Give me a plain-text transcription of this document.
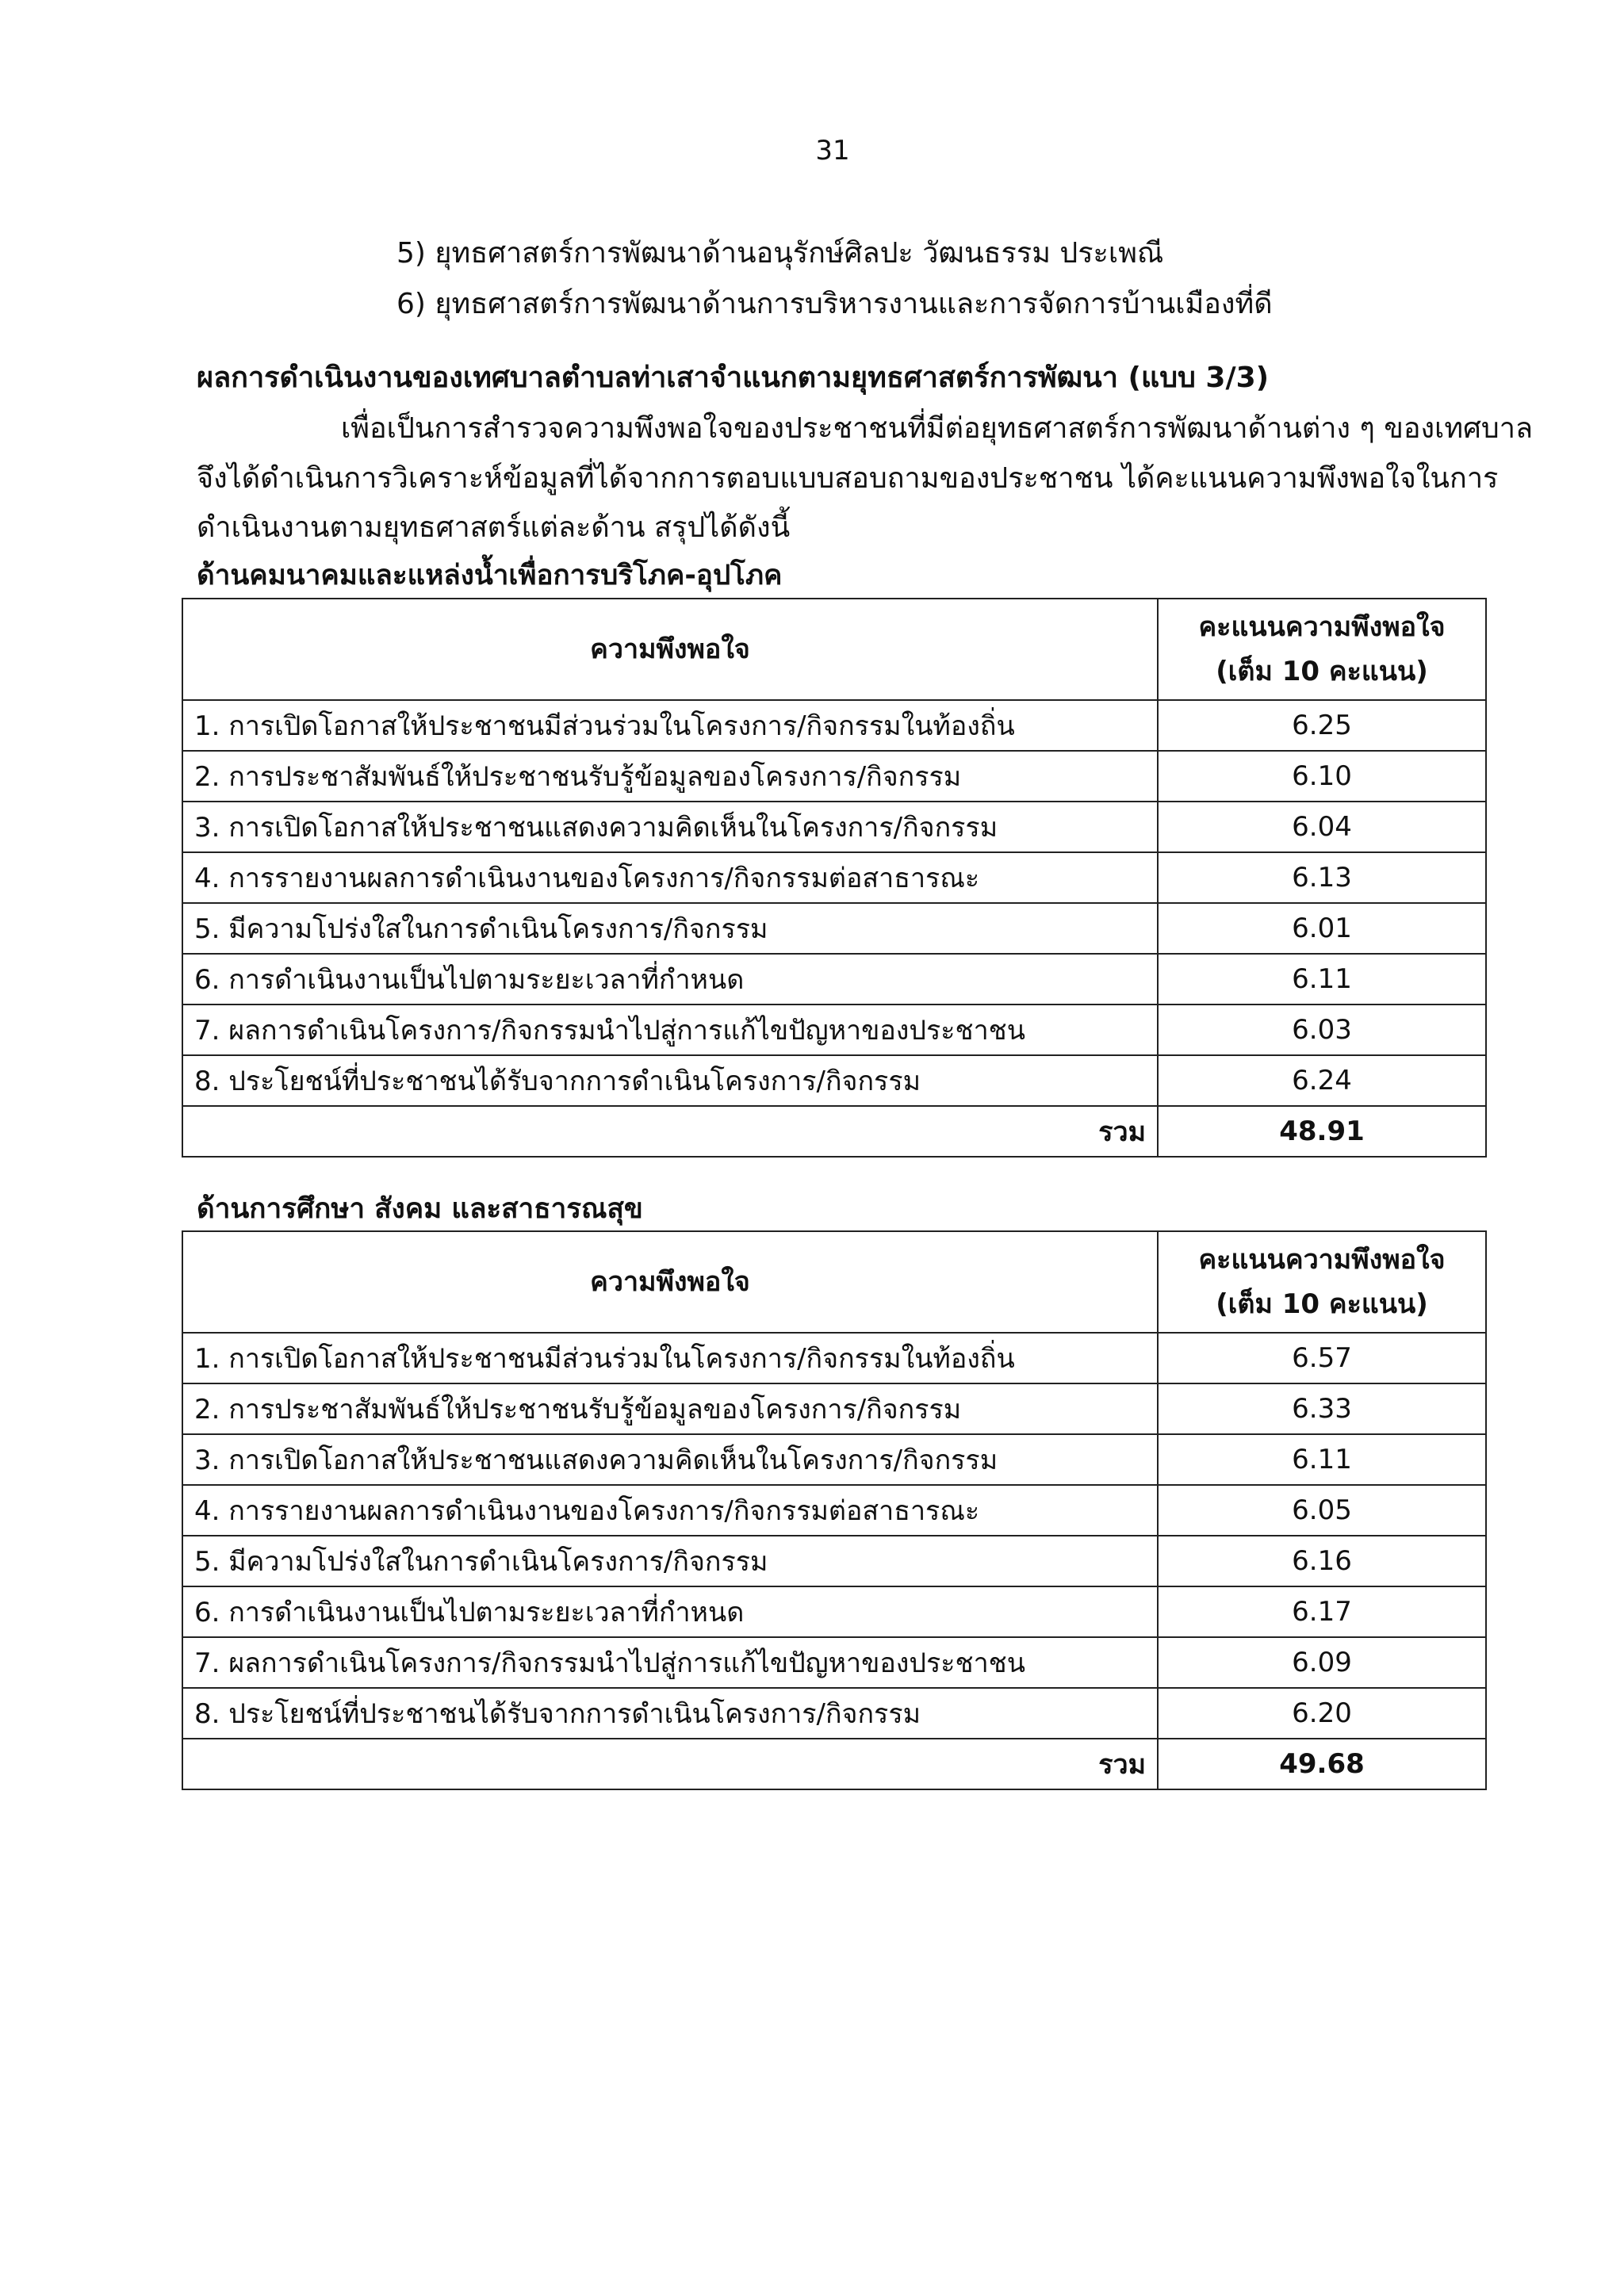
31
5) ยุทธศาสตร์การพัฒนาด้านอนุรักษ์ศิลปะ วัฒนธรรม ประเพณี
6) ยุทธศาสตร์การพัฒนาด้านการบริหารงานและการจัดการบ้านเมืองที่ดี
ผลการดำเนินงานของเทศบาลตำบลท่าเสาจำแนกตามยุทธศาสตร์การพัฒนา (แบบ 3/3)
เพื่อเป็นการสำรวจความพึงพอใจของประชาชนที่มีต่อยุทธศาสตร์การพัฒนาด้านต่าง ๆ ของเทศบาล
จึงได้ดำเนินการวิเคราะห์ข้อมูลที่ได้จากการตอบแบบสอบถามของประชาชน ได้คะแนนความพึงพอใจในการ
ดำเนินงานตามยุทธศาสตร์แต่ละด้าน สรุปได้ดังนี้
ด้านคมนาคมและแหล่งน้ำเพื่อการบริโภค-อุปโภค
ความพึงพอใจ	คะแนนความพึงพอใจ
(เต็ม 10 คะแนน)

1. การเปิดโอกาสให้ประชาชนมีส่วนร่วมในโครงการ/กิจกรรมในท้องถิ่น	6.25
2. การประชาสัมพันธ์ให้ประชาชนรับรู้ข้อมูลของโครงการ/กิจกรรม	6.10
3. การเปิดโอกาสให้ประชาชนแสดงความคิดเห็นในโครงการ/กิจกรรม	6.04
4. การรายงานผลการดำเนินงานของโครงการ/กิจกรรมต่อสาธารณะ	6.13
5. มีความโปร่งใสในการดำเนินโครงการ/กิจกรรม	6.01
6. การดำเนินงานเป็นไปตามระยะเวลาที่กำหนด	6.11
7. ผลการดำเนินโครงการ/กิจกรรมนำไปสู่การแก้ไขปัญหาของประชาชน	6.03
8. ประโยชน์ที่ประชาชนได้รับจากการดำเนินโครงการ/กิจกรรม	6.24
รวม	48.91
ด้านการศึกษา สังคม และสาธารณสุข
ความพึงพอใจ	คะแนนความพึงพอใจ
(เต็ม 10 คะแนน)

1. การเปิดโอกาสให้ประชาชนมีส่วนร่วมในโครงการ/กิจกรรมในท้องถิ่น	6.57
2. การประชาสัมพันธ์ให้ประชาชนรับรู้ข้อมูลของโครงการ/กิจกรรม	6.33
3. การเปิดโอกาสให้ประชาชนแสดงความคิดเห็นในโครงการ/กิจกรรม	6.11
4. การรายงานผลการดำเนินงานของโครงการ/กิจกรรมต่อสาธารณะ	6.05
5. มีความโปร่งใสในการดำเนินโครงการ/กิจกรรม	6.16
6. การดำเนินงานเป็นไปตามระยะเวลาที่กำหนด	6.17
7. ผลการดำเนินโครงการ/กิจกรรมนำไปสู่การแก้ไขปัญหาของประชาชน	6.09
8. ประโยชน์ที่ประชาชนได้รับจากการดำเนินโครงการ/กิจกรรม	6.20
รวม	49.68
